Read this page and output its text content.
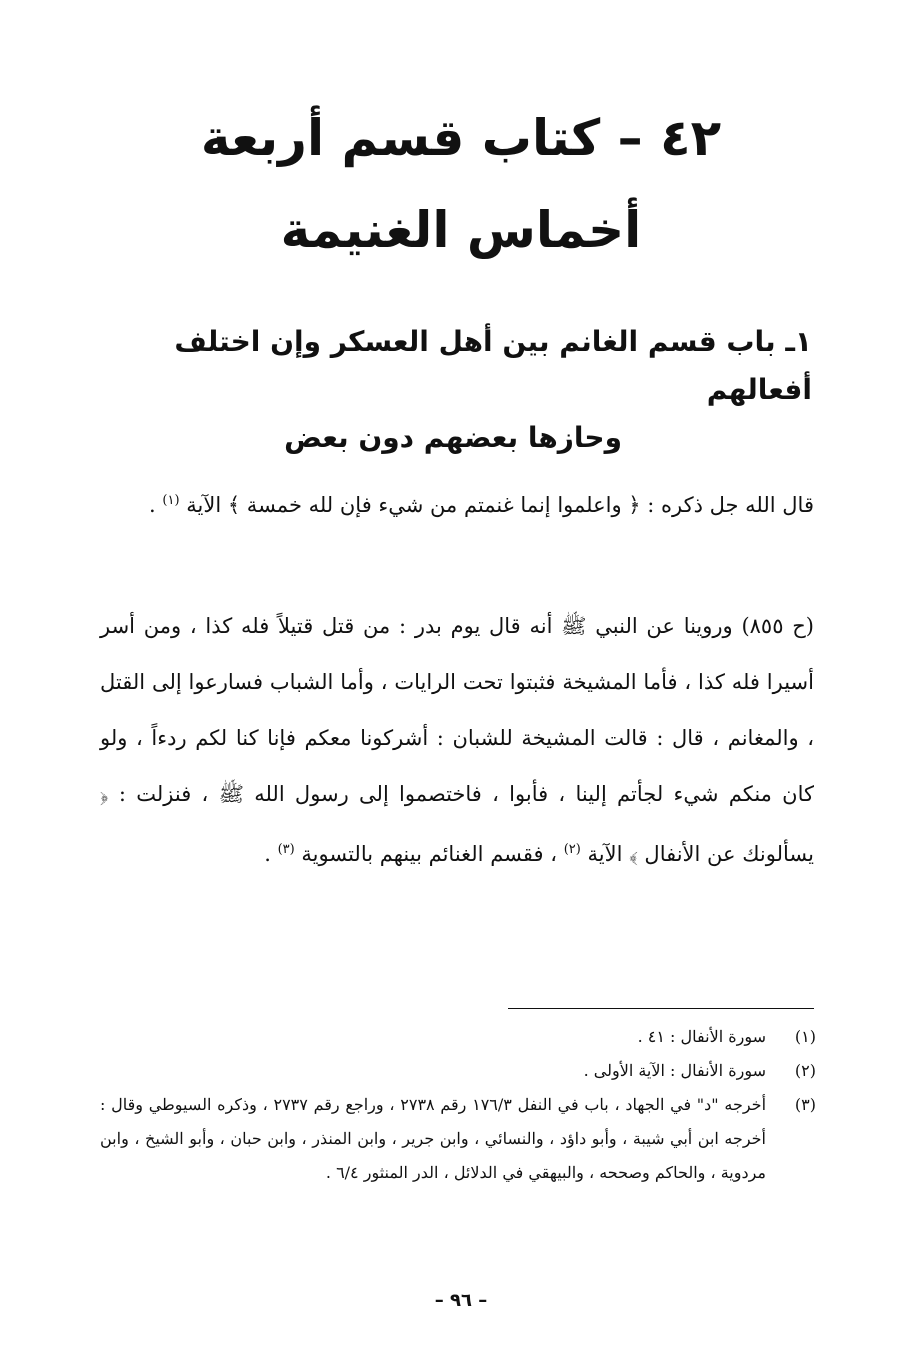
٤٢ – كتاب قسم أربعة أخماس الغنيمة
١ـ باب قسم الغانم بين أهل العسكر وإن اختلف أفعالهم
وحازها بعضهم دون بعض

قال الله جل ذكره : ﴿ واعلموا إنما غنمتم من شيء فإن لله خمسة ﴾ الآية $^{(١)}$ .

(ح ٨٥٥) وروينا عن النبي ﷺ أنه قال يوم بدر : من قتل قتيلاً فله كذا ، ومن أسر أسيرا فله كذا ، فأما المشيخة فثبتوا تحت الرايات ، وأما الشباب فسارعوا إلى القتل ، والمغانم ، قال : قالت المشيخة للشبان : أشركونا معكم فإنا كنا لكم ردءاً ، ولو كان منكم شيء لجأتم إلينا ، فأبوا ، فاختصموا إلى رسول الله ﷺ ، فنزلت : ﴿ يسألونك عن الأنفال ﴾ الآية $^{(٢)}$ ، فقسم الغنائم بينهم بالتسوية $^{(٣)}$ .

(١)
سورة الأنفال : ٤١ .
(٢)
سورة الأنفال : الآية الأولى .
(٣)
أخرجه "د" في الجهاد ، باب في النفل ١٧٦/٣ رقم ٢٧٣٨ ، وراجع رقم ٢٧٣٧ ، وذكره السيوطي وقال : أخرجه ابن أبي شيبة ، وأبو داؤد ، والنسائي ، وابن جرير ، وابن المنذر ، وابن حبان ، وأبو الشيخ ، وابن مردوية ، والحاكم وصححه ، والبيهقي في الدلائل ، الدر المنثور ٦/٤ .
– ٩٦ –
